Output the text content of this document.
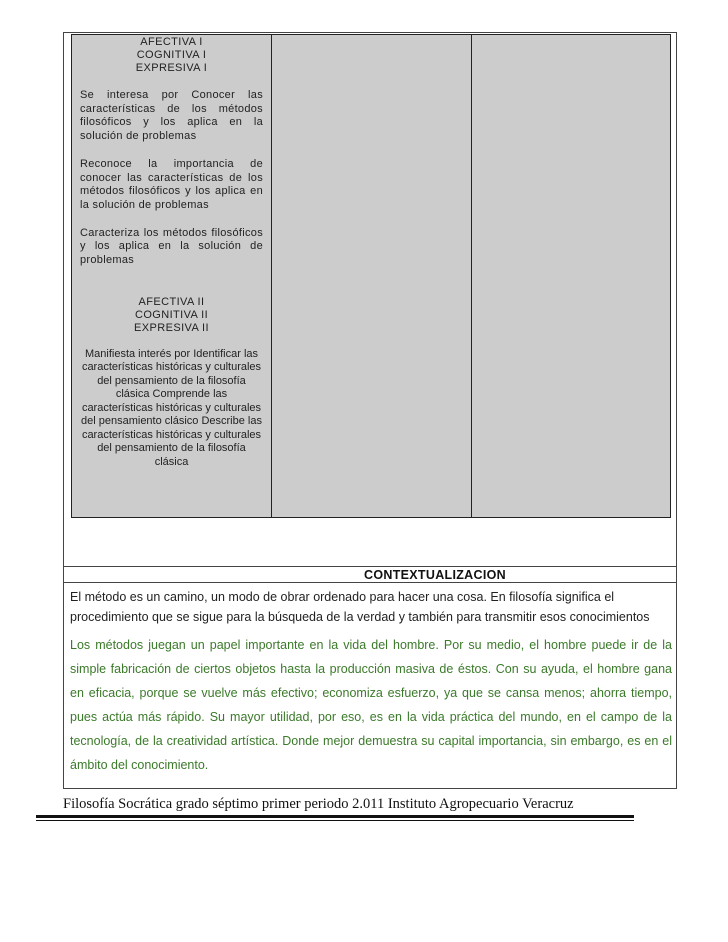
AFECTIVA I
COGNITIVA I
EXPRESIVA I

Se interesa por Conocer las características de los métodos filosóficos y los aplica en la solución de problemas

Reconoce la importancia de conocer las características de los métodos filosóficos y los aplica en la solución de problemas

Caracteriza los métodos filosóficos y los aplica en la solución de problemas

AFECTIVA II
COGNITIVA II
EXPRESIVA II

Manifiesta interés por Identificar las características históricas y culturales del pensamiento de la filosofía clásica Comprende las características históricas y culturales del pensamiento clásico Describe las características históricas y culturales del pensamiento de la filosofía clásica

CONTEXTUALIZACION

El método es un camino, un modo de obrar ordenado para hacer una cosa. En filosofía significa el procedimiento que se sigue para la búsqueda de la verdad y también para transmitir esos conocimientos

Los métodos juegan un papel importante en la vida del hombre. Por su medio, el hombre puede ir de la simple fabricación de ciertos objetos hasta la producción masiva de éstos. Con su ayuda, el hombre gana en eficacia, porque se vuelve más efectivo; economiza esfuerzo, ya que se cansa menos; ahorra tiempo, pues actúa más rápido. Su mayor utilidad, por eso, es en la vida práctica del mundo, en el campo de la tecnología, de la creatividad artística. Donde mejor demuestra su capital importancia, sin embargo, es en el ámbito del conocimiento.

Filosofía Socrática grado séptimo primer periodo 2.011 Instituto Agropecuario Veracruz
